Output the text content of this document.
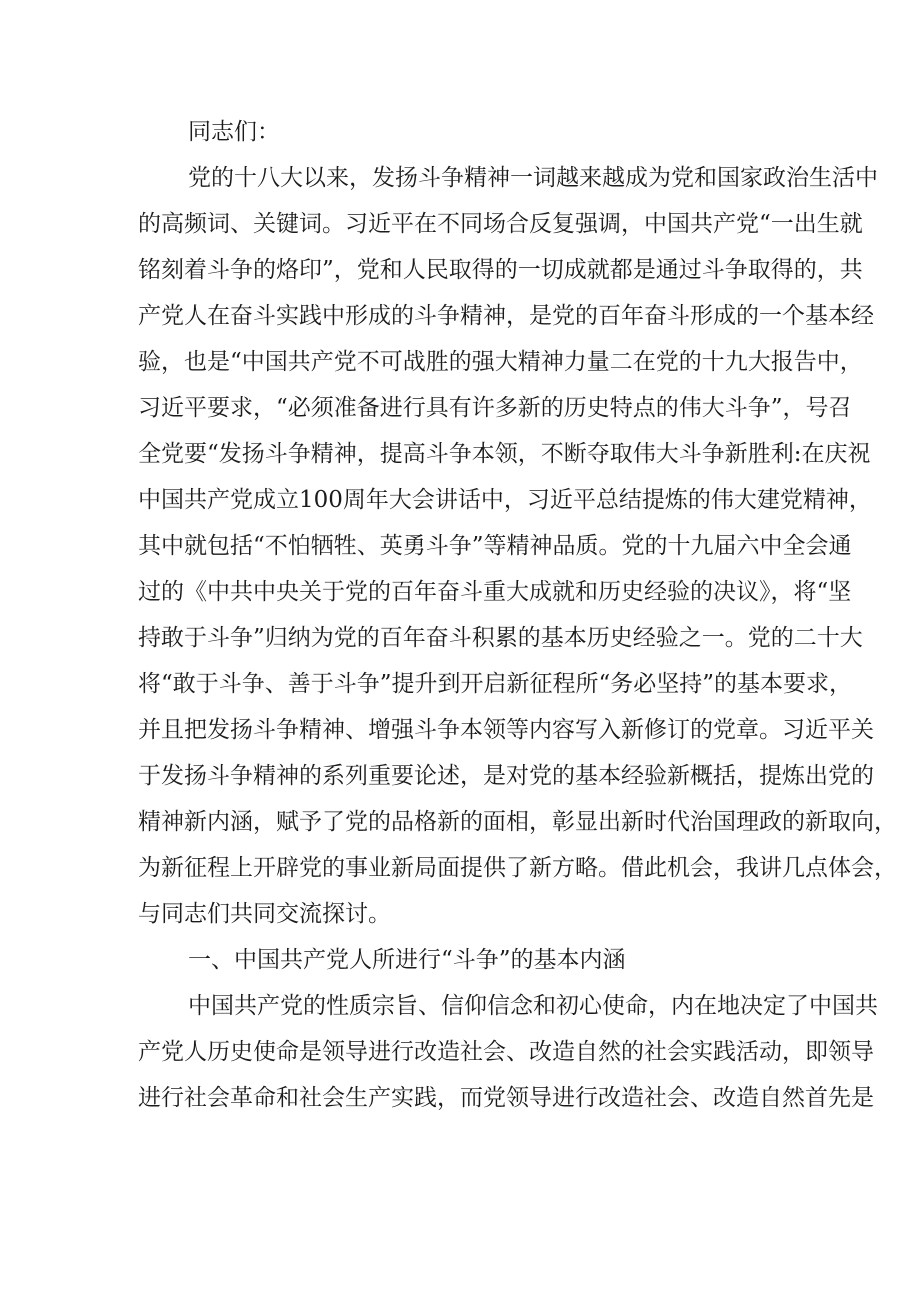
同志们：
党的十八大以来，发扬斗争精神一词越来越成为党和国家政治生活中
的高频词、关键词。习近平在不同场合反复强调，中国共产党“一出生就
铭刻着斗争的烙印”，党和人民取得的一切成就都是通过斗争取得的，共
产党人在奋斗实践中形成的斗争精神，是党的百年奋斗形成的一个基本经
验，也是“中国共产党不可战胜的强大精神力量二在党的十九大报告中，
习近平要求，“必须准备进行具有许多新的历史特点的伟大斗争”，号召
全党要“发扬斗争精神，提高斗争本领，不断夺取伟大斗争新胜利:在庆祝
中国共产党成立100周年大会讲话中，习近平总结提炼的伟大建党精神，
其中就包括“不怕牺牲、英勇斗争”等精神品质。党的十九届六中全会通
过的《中共中央关于党的百年奋斗重大成就和历史经验的决议》，将“坚
持敢于斗争”归纳为党的百年奋斗积累的基本历史经验之一。党的二十大
将“敢于斗争、善于斗争”提升到开启新征程所“务必坚持”的基本要求，
并且把发扬斗争精神、增强斗争本领等内容写入新修订的党章。习近平关
于发扬斗争精神的系列重要论述，是对党的基本经验新概括，提炼出党的
精神新内涵，赋予了党的品格新的面相，彰显出新时代治国理政的新取向，
为新征程上开辟党的事业新局面提供了新方略。借此机会，我讲几点体会，
与同志们共同交流探讨。
一、中国共产党人所进行“斗争”的基本内涵
中国共产党的性质宗旨、信仰信念和初心使命，内在地决定了中国共
产党人历史使命是领导进行改造社会、改造自然的社会实践活动，即领导
进行社会革命和社会生产实践，而党领导进行改造社会、改造自然首先是
